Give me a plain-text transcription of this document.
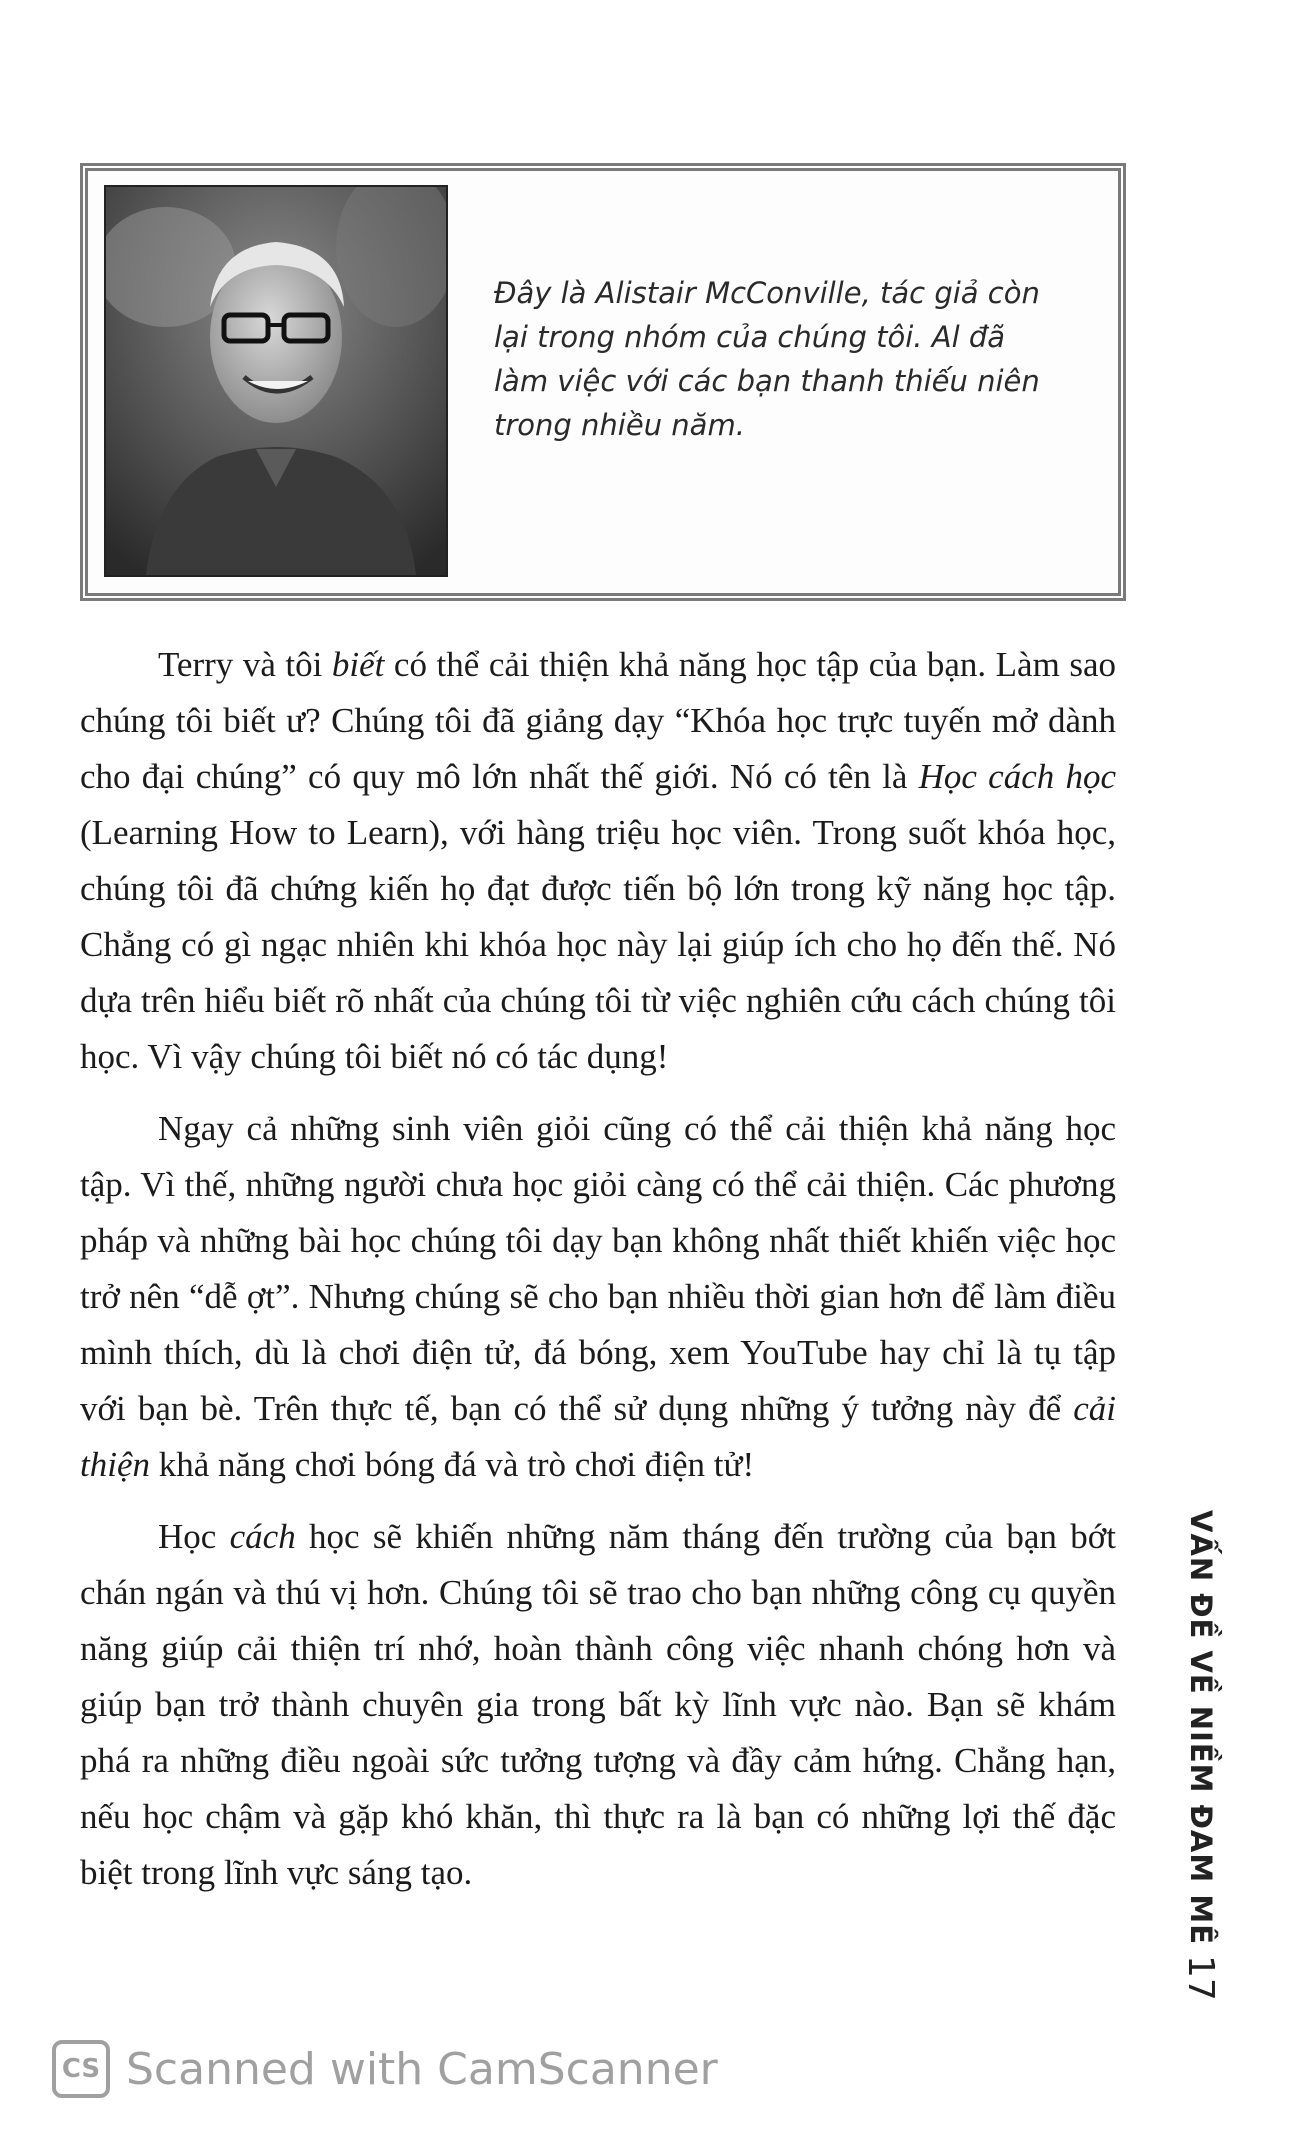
Đây là Alistair McConville, tác giả còn lại trong nhóm của chúng tôi. Al đã làm việc với các bạn thanh thiếu niên trong nhiều năm.

Terry và tôi biết có thể cải thiện khả năng học tập của bạn. Làm sao chúng tôi biết ư? Chúng tôi đã giảng dạy “Khóa học trực tuyến mở dành cho đại chúng” có quy mô lớn nhất thế giới. Nó có tên là Học cách học (Learning How to Learn), với hàng triệu học viên. Trong suốt khóa học, chúng tôi đã chứng kiến họ đạt được tiến bộ lớn trong kỹ năng học tập. Chẳng có gì ngạc nhiên khi khóa học này lại giúp ích cho họ đến thế. Nó dựa trên hiểu biết rõ nhất của chúng tôi từ việc nghiên cứu cách chúng tôi học. Vì vậy chúng tôi biết nó có tác dụng!

Ngay cả những sinh viên giỏi cũng có thể cải thiện khả năng học tập. Vì thế, những người chưa học giỏi càng có thể cải thiện. Các phương pháp và những bài học chúng tôi dạy bạn không nhất thiết khiến việc học trở nên “dễ ợt”. Nhưng chúng sẽ cho bạn nhiều thời gian hơn để làm điều mình thích, dù là chơi điện tử, đá bóng, xem YouTube hay chỉ là tụ tập với bạn bè. Trên thực tế, bạn có thể sử dụng những ý tưởng này để cải thiện khả năng chơi bóng đá và trò chơi điện tử!

Học cách học sẽ khiến những năm tháng đến trường của bạn bớt chán ngán và thú vị hơn. Chúng tôi sẽ trao cho bạn những công cụ quyền năng giúp cải thiện trí nhớ, hoàn thành công việc nhanh chóng hơn và giúp bạn trở thành chuyên gia trong bất kỳ lĩnh vực nào. Bạn sẽ khám phá ra những điều ngoài sức tưởng tượng và đầy cảm hứng. Chẳng hạn, nếu học chậm và gặp khó khăn, thì thực ra là bạn có những lợi thế đặc biệt trong lĩnh vực sáng tạo.	VẤN ĐỀ VỀ NIỀM ĐAM MÊ
17
CS Scanned with CamScanner
